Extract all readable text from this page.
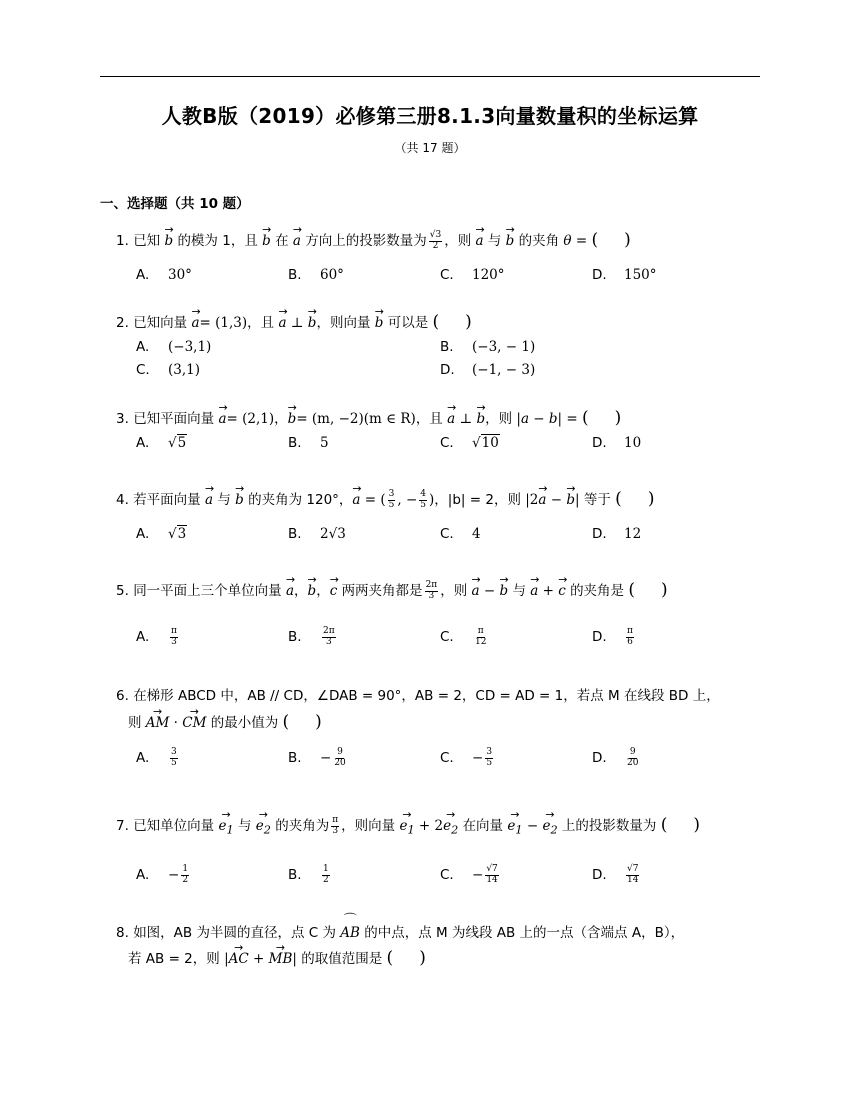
人教B版（2019）必修第三册8.1.3向量数量积的坐标运算
（共 17 题）
一、选择题（共 10 题）
1. 已知 → b 的模为 1，且 → b 在 → a 方向上的投影数量为 $\frac{√3}{2}$ ，则 → a 与 → b 的夹角 θ = ( )
A. 30°	B. 60°	C. 120°	D. 150°
2. 已知向量 → a= (1,3)，且 → a ⊥ → b，则向量 → b 可以是 ( )
A. (−3,1)	B. (−3, − 1)
C. (3,1)	D. (−1, − 3)
3. 已知平面向量 → a= (2,1)，→ b= (m, −2)(m ∈ R)，且 → a ⊥ → b，则 |a − b| = ( )
A. √5	B. 5	C. √10	D. 10
4. 若平面向量 → a 与 → b 的夹角为 120°，→ a = ( $\frac{3}{5}$ , − $\frac{4}{5}$ )，|b| = 2，则 |2→ a − → b| 等于 ( )
A. √3	B. 2√3	C. 4	D. 12
5. 同一平面上三个单位向量 → a，→ b，→ c 两两夹角都是 $\frac{2\pi}{3}$ ，则 → a − → b 与 → a + → c 的夹角是 ( )
A. $\frac{\pi}{3}$	B. $\frac{2\pi}{3}$	C. $\frac{\pi}{12}$	D. $\frac{\pi}{6}$
6. 在梯形 ABCD 中，AB // CD，∠DAB = 90°，AB = 2，CD = AD = 1，若点 M 在线段 BD 上，
则 → AM · → CM 的最小值为 ( )
A. $\frac{3}{5}$	B. − $\frac{9}{20}$	C. − $\frac{3}{5}$	D. $\frac{9}{20}$
7. 已知单位向量 → $e_1$ 与 → $e_2$ 的夹角为 $\frac{\pi}{3}$ ，则向量 → $e_1 + 2\to e_2$ 在向量 → $e_1$ − → $e_2$ 上的投影数量为 ( )
A. − $\frac{1}{2}$	B. $\frac{1}{2}$	C. − $\frac{√7}{14}$	D. $\frac{√7}{14}$
8. 如图，AB 为半圆的直径，点 C 为 ⌒ AB 的中点，点 M 为线段 AB 上的一点（含端点 A，B），
若 AB = 2，则 |→ AC + → MB| 的取值范围是 ( )
